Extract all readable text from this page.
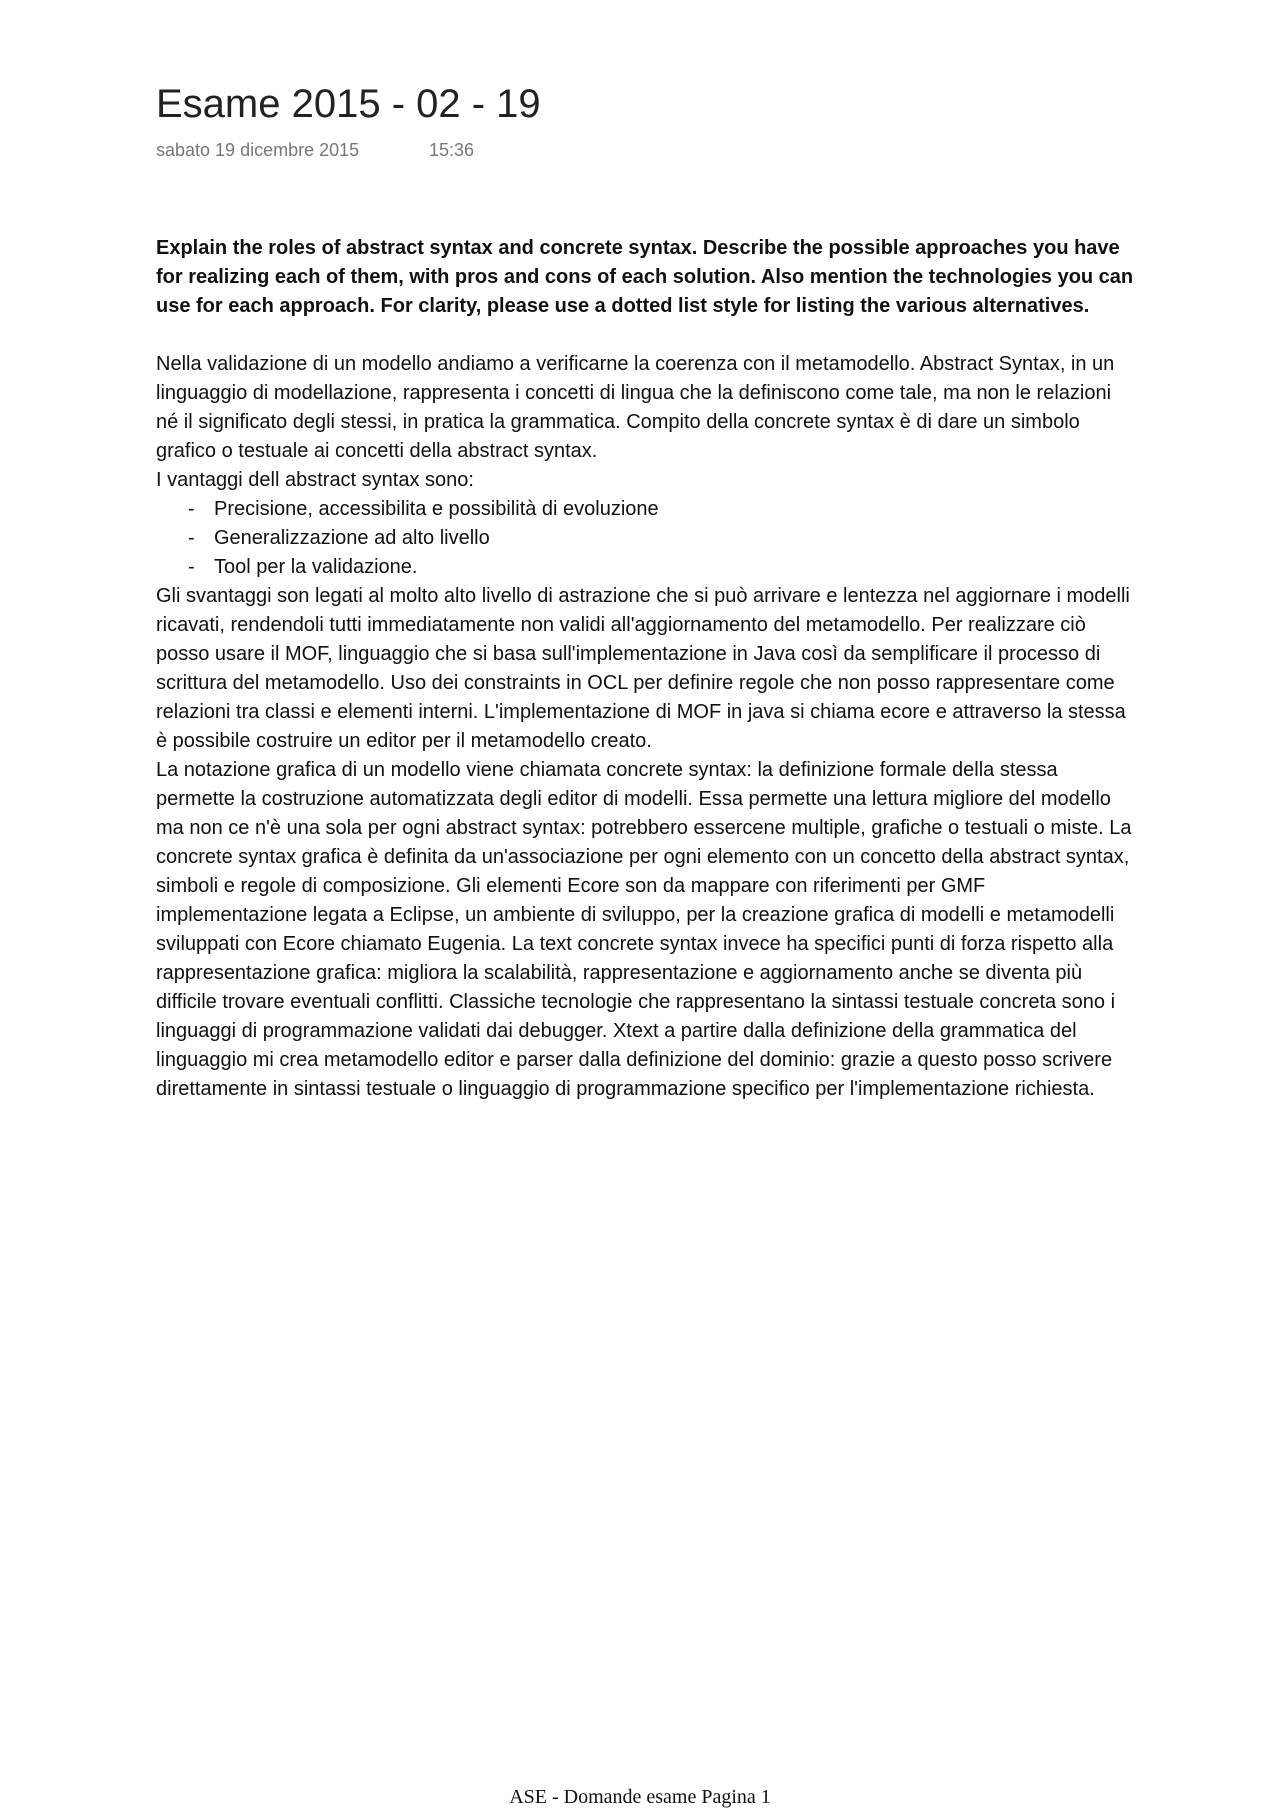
Esame 2015 - 02 - 19
sabato 19 dicembre 2015	15:36

Explain the roles of abstract syntax and concrete syntax. Describe the possible approaches you have for realizing each of them, with pros and cons of each solution. Also mention the technologies you can use for each approach. For clarity, please use a dotted list style for listing the various alternatives.

Nella validazione di un modello andiamo a verificarne la coerenza con il metamodello. Abstract Syntax, in un linguaggio di modellazione, rappresenta i concetti di lingua che la definiscono come tale, ma non le relazioni né il significato degli stessi, in pratica la grammatica. Compito della concrete syntax è di dare un simbolo grafico o testuale ai concetti della abstract syntax.

I vantaggi dell abstract syntax sono:

- Precisione, accessibilita e possibilità di evoluzione
- Generalizzazione ad alto livello
- Tool per la validazione.

Gli svantaggi son legati al molto alto livello di astrazione che si può arrivare e lentezza nel aggiornare i modelli ricavati, rendendoli tutti immediatamente non validi all'aggiornamento del metamodello. Per realizzare ciò posso usare il MOF, linguaggio che si basa sull'implementazione in Java così da semplificare il processo di scrittura del metamodello. Uso dei constraints in OCL per definire regole che non posso rappresentare come relazioni tra classi e elementi interni. L'implementazione di MOF in java si chiama ecore e attraverso la stessa è possibile costruire un editor per il metamodello creato.

La notazione grafica di un modello viene chiamata concrete syntax: la definizione formale della stessa permette la costruzione automatizzata degli editor di modelli. Essa permette una lettura migliore del modello ma non ce n'è una sola per ogni abstract syntax: potrebbero essercene multiple, grafiche o testuali o miste. La concrete syntax grafica è definita da un'associazione per ogni elemento con un concetto della abstract syntax, simboli e regole di composizione. Gli elementi Ecore son da mappare con riferimenti per GMF implementazione legata a Eclipse, un ambiente di sviluppo, per la creazione grafica di modelli e metamodelli sviluppati con Ecore chiamato Eugenia. La text concrete syntax invece ha specifici punti di forza rispetto alla rappresentazione grafica: migliora la scalabilità, rappresentazione e aggiornamento anche se diventa più difficile trovare eventuali conflitti. Classiche tecnologie che rappresentano la sintassi testuale concreta sono i linguaggi di programmazione validati dai debugger. Xtext a partire dalla definizione della grammatica del linguaggio mi crea metamodello editor e parser dalla definizione del dominio: grazie a questo posso scrivere direttamente in sintassi testuale o linguaggio di programmazione specifico per l'implementazione richiesta.

ASE - Domande esame Pagina 1
